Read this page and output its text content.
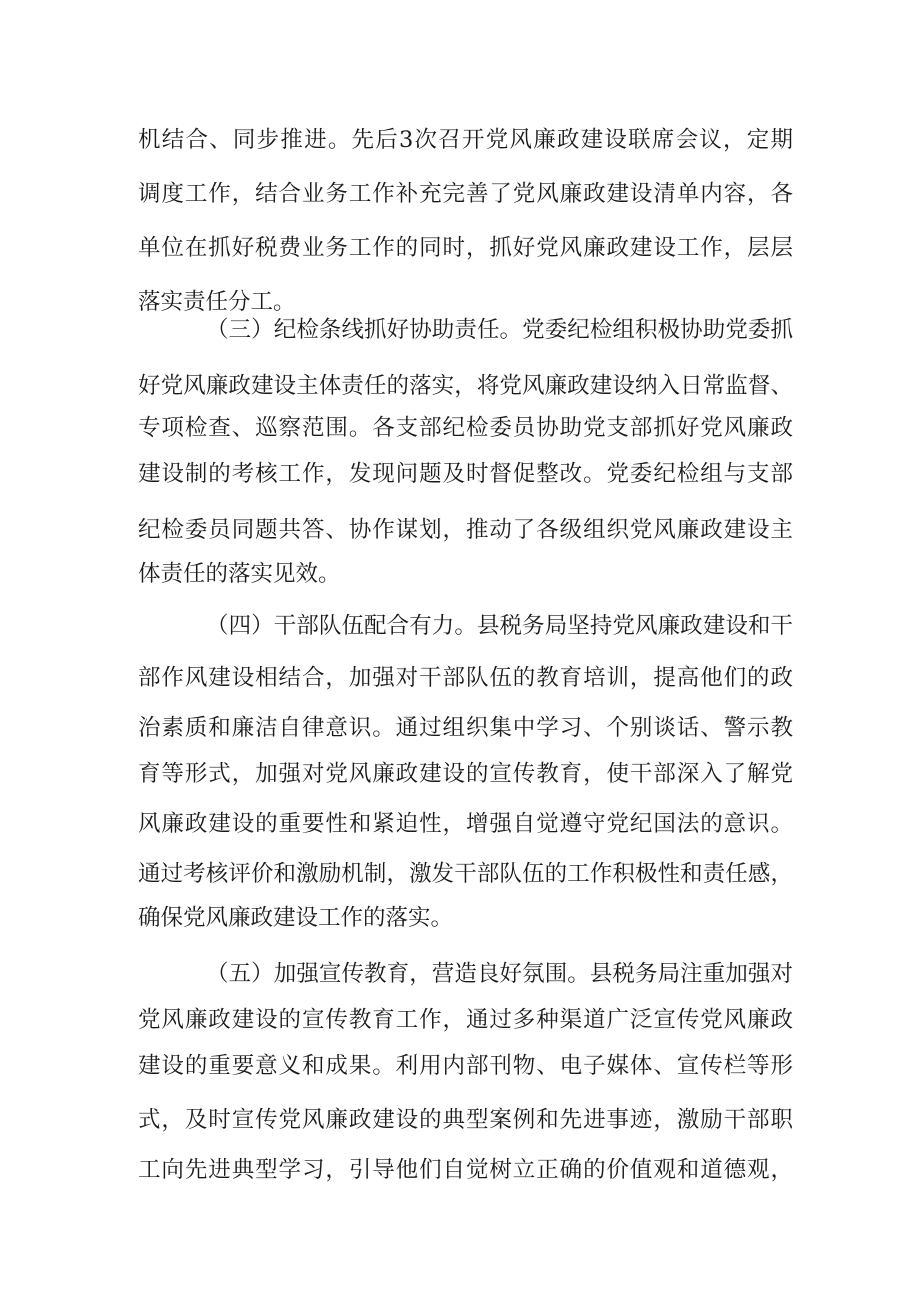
机结合、同步推进。先后3次召开党风廉政建设联席会议，定期
调度工作，结合业务工作补充完善了党风廉政建设清单内容，各
单位在抓好税费业务工作的同时，抓好党风廉政建设工作，层层
落实责任分工。
（三）纪检条线抓好协助责任。党委纪检组积极协助党委抓
好党风廉政建设主体责任的落实，将党风廉政建设纳入日常监督、
专项检查、巡察范围。各支部纪检委员协助党支部抓好党风廉政
建设制的考核工作，发现问题及时督促整改。党委纪检组与支部
纪检委员同题共答、协作谋划，推动了各级组织党风廉政建设主
体责任的落实见效。
（四）干部队伍配合有力。县税务局坚持党风廉政建设和干
部作风建设相结合，加强对干部队伍的教育培训，提高他们的政
治素质和廉洁自律意识。通过组织集中学习、个别谈话、警示教
育等形式，加强对党风廉政建设的宣传教育，使干部深入了解党
风廉政建设的重要性和紧迫性，增强自觉遵守党纪国法的意识。
通过考核评价和激励机制，激发干部队伍的工作积极性和责任感，
确保党风廉政建设工作的落实。
（五）加强宣传教育，营造良好氛围。县税务局注重加强对
党风廉政建设的宣传教育工作，通过多种渠道广泛宣传党风廉政
建设的重要意义和成果。利用内部刊物、电子媒体、宣传栏等形
式，及时宣传党风廉政建设的典型案例和先进事迹，激励干部职
工向先进典型学习，引导他们自觉树立正确的价值观和道德观，
